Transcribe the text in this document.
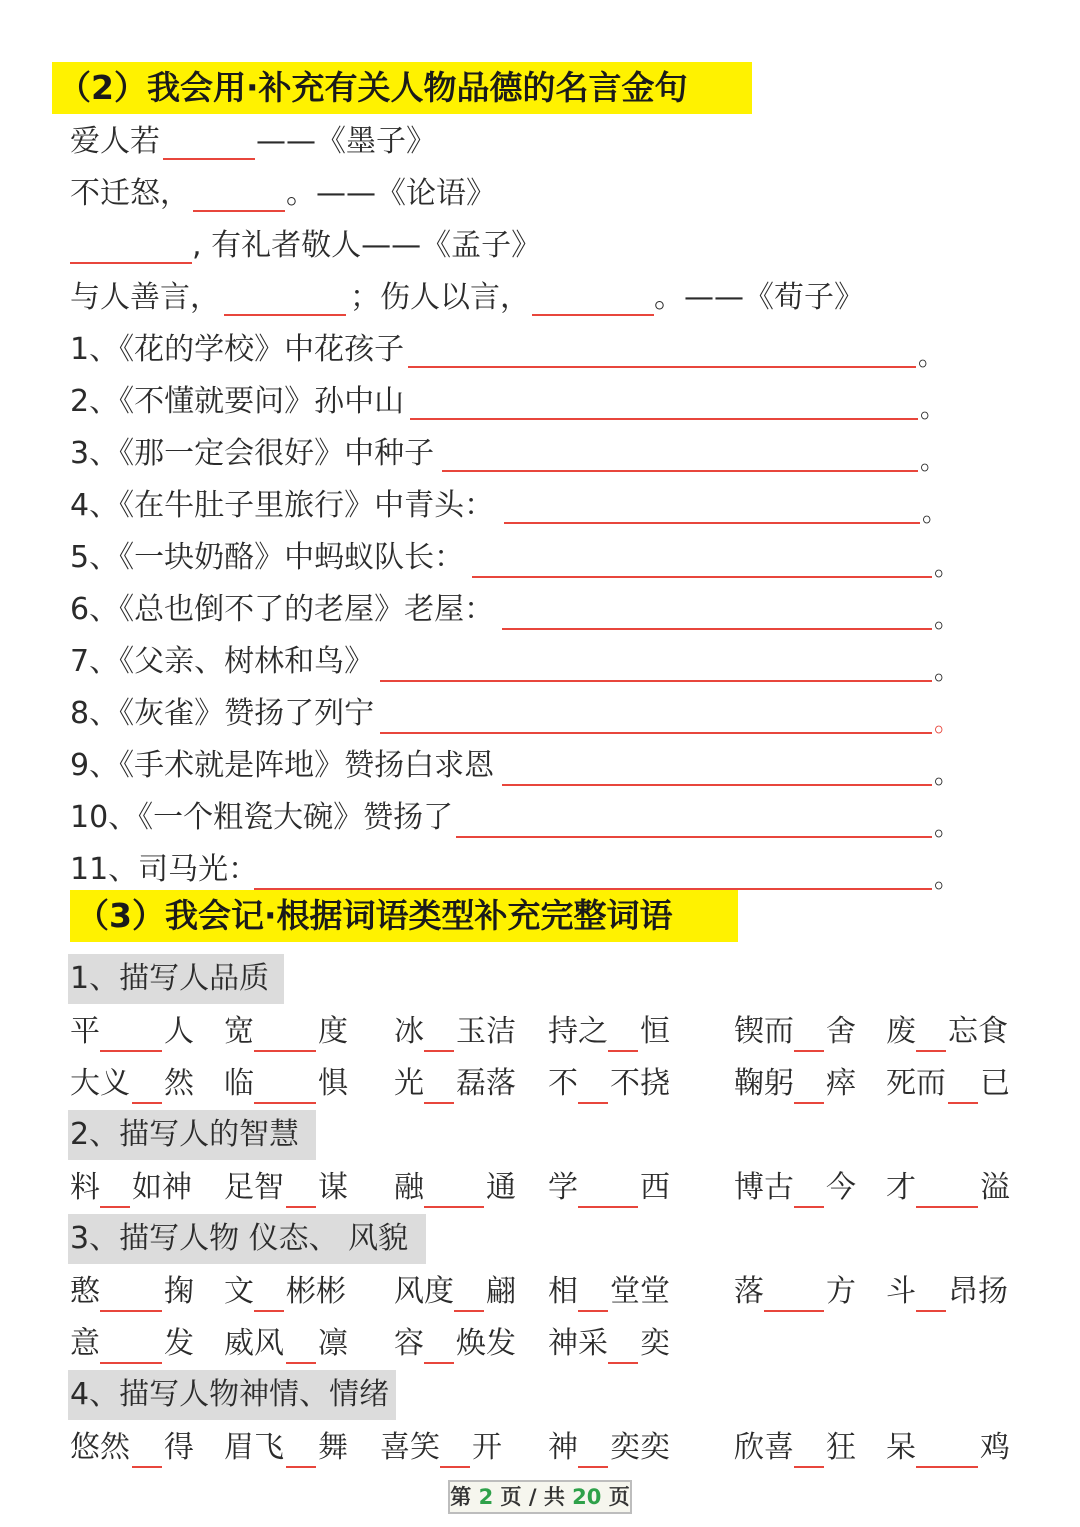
（2）我会用·补充有关人物品德的名言金句
爱人若	——《墨子》
不迁怒，	。——《论语》
, 有礼者敬人——《孟子》
与人善言，	；伤人以言，	。——《荀子》
1、《花的学校》中花孩子	。
2、《不懂就要问》孙中山	。
3、《那一定会很好》中种子	。
4、《在牛肚子里旅行》中青头：	。
5、《一块奶酪》中蚂蚁队长：	。
6、《总也倒不了的老屋》老屋：	。
7、《父亲、树林和鸟》	。
8、《灰雀》赞扬了列宁	。
9、《手术就是阵地》赞扬白求恩	。
10、《一个粗瓷大碗》赞扬了	。
11、司马光：	。
（3）我会记·根据词语类型补充完整词语
1、描写人品质
平 人 宽 度 冰 玉洁 持之 恒 锲而 舍 废 忘食
大义 然 临 惧 光 磊落 不 不挠 鞠躬 瘁 死而 已
2、描写人的智慧
料 如神 足智 谋 融 通 学 西 博古 今 才 溢
3、描写人物 仪态、 风貌
憨 掬 文 彬彬 风度 翩 相 堂堂 落 方 斗 昂扬
意 发 威风 凛 容 焕发 神采 奕
4、描写人物神情、情绪
悠然 得 眉飞 舞 喜笑 开 神 奕奕 欣喜 狂 呆 鸡
第 2 页 / 共 20 页
